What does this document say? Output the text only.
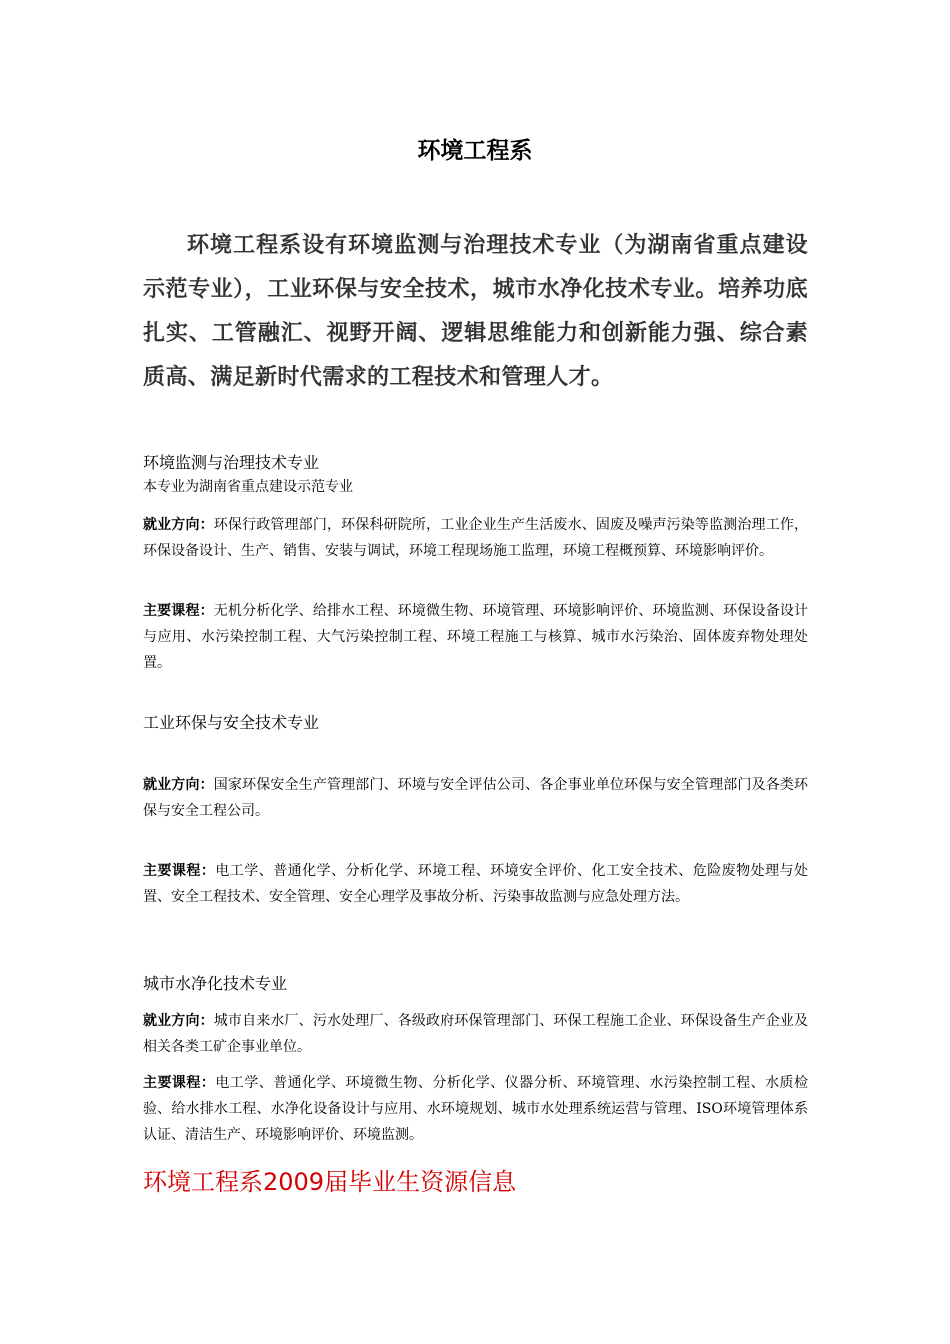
环境工程系
环境工程系设有环境监测与治理技术专业（为湖南省重点建设示范专业），工业环保与安全技术，城市水净化技术专业。培养功底扎实、工管融汇、视野开阔、逻辑思维能力和创新能力强、综合素质高、满足新时代需求的工程技术和管理人才。
环境监测与治理技术专业
本专业为湖南省重点建设示范专业
就业方向：环保行政管理部门，环保科研院所，工业企业生产生活废水、固废及噪声污染等监测治理工作，环保设备设计、生产、销售、安装与调试，环境工程现场施工监理，环境工程概预算、环境影响评价。
主要课程：无机分析化学、给排水工程、环境微生物、环境管理、环境影响评价、环境监测、环保设备设计与应用、水污染控制工程、大气污染控制工程、环境工程施工与核算、城市水污染治、固体废弃物处理处置。
工业环保与安全技术专业
就业方向：国家环保安全生产管理部门、环境与安全评估公司、各企事业单位环保与安全管理部门及各类环保与安全工程公司。
主要课程：电工学、普通化学、分析化学、环境工程、环境安全评价、化工安全技术、危险废物处理与处置、安全工程技术、安全管理、安全心理学及事故分析、污染事故监测与应急处理方法。
城市水净化技术专业
就业方向：城市自来水厂、污水处理厂、各级政府环保管理部门、环保工程施工企业、环保设备生产企业及相关各类工矿企事业单位。
主要课程：电工学、普通化学、环境微生物、分析化学、仪器分析、环境管理、水污染控制工程、水质检验、给水排水工程、水净化设备设计与应用、水环境规划、城市水处理系统运营与管理、ISO环境管理体系认证、清洁生产、环境影响评价、环境监测。
环境工程系2009届毕业生资源信息
